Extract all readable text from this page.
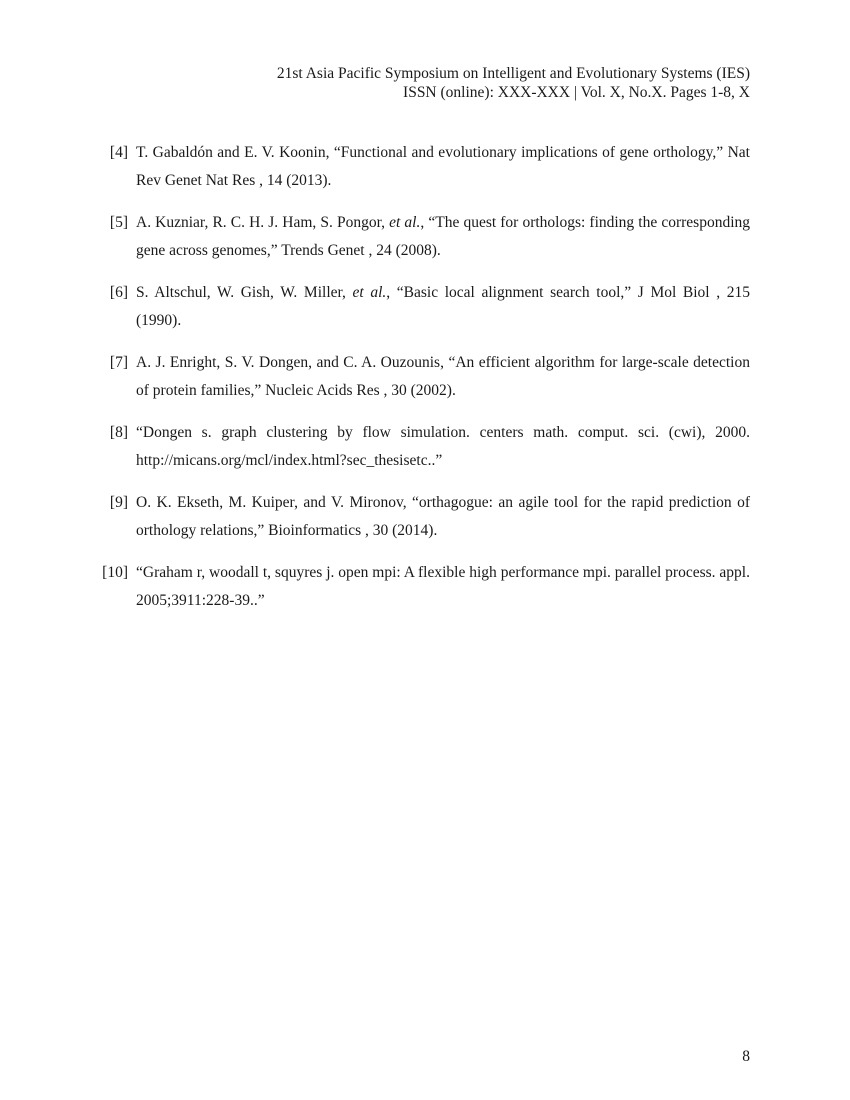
21st Asia Pacific Symposium on Intelligent and Evolutionary Systems (IES)
ISSN (online): XXX-XXX | Vol. X, No.X. Pages 1-8, X
[4] T. Gabaldón and E. V. Koonin, “Functional and evolutionary implications of gene orthology,” Nat Rev Genet Nat Res , 14 (2013).
[5] A. Kuzniar, R. C. H. J. Ham, S. Pongor, et al., “The quest for orthologs: finding the corresponding gene across genomes,” Trends Genet , 24 (2008).
[6] S. Altschul, W. Gish, W. Miller, et al., “Basic local alignment search tool,” J Mol Biol , 215 (1990).
[7] A. J. Enright, S. V. Dongen, and C. A. Ouzounis, “An efficient algorithm for large-scale detection of protein families,” Nucleic Acids Res , 30 (2002).
[8] “Dongen s. graph clustering by flow simulation. centers math. comput. sci. (cwi), 2000. http://micans.org/mcl/index.html?sec_thesisetc..”
[9] O. K. Ekseth, M. Kuiper, and V. Mironov, “orthagogue: an agile tool for the rapid prediction of orthology relations,” Bioinformatics , 30 (2014).
[10] “Graham r, woodall t, squyres j. open mpi: A flexible high performance mpi. parallel process. appl. 2005;3911:228-39..”
8
